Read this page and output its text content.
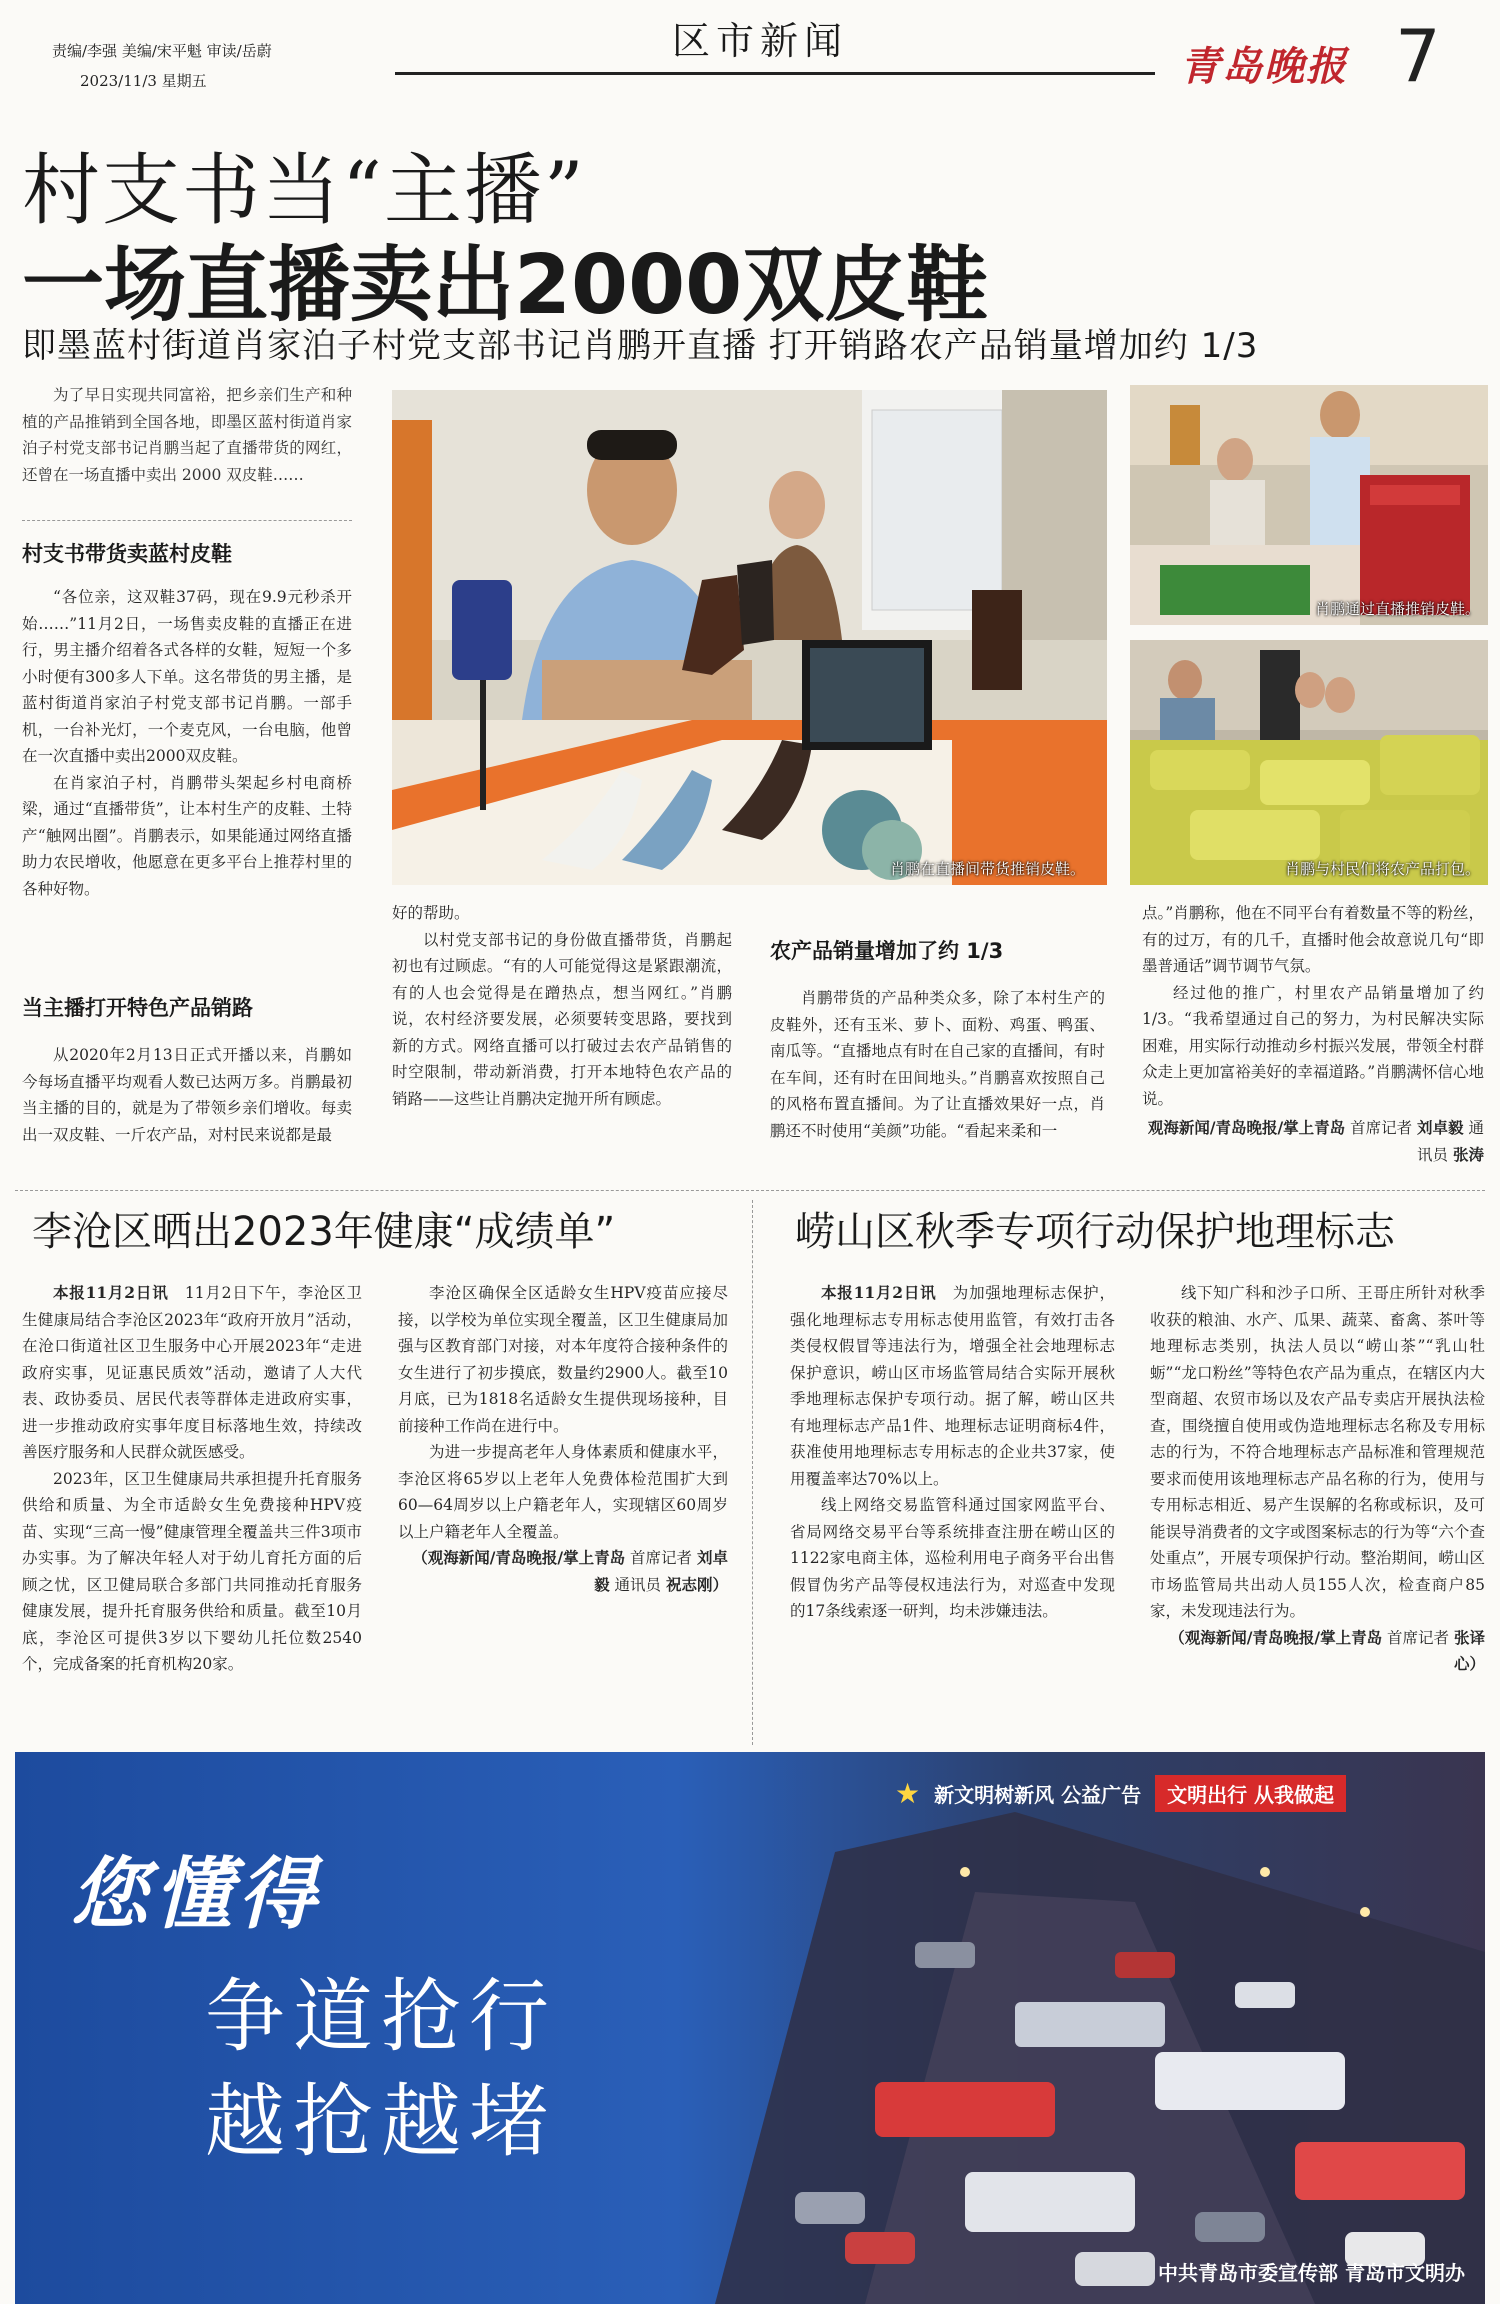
责编/李强 美编/宋平魁 审读/岳蔚
2023/11/3 星期五
区市新闻
青岛晚报 7
村支书当“主播”
一场直播卖出2000双皮鞋
即墨蓝村街道肖家泊子村党支部书记肖鹏开直播 打开销路农产品销量增加约 1/3
为了早日实现共同富裕，把乡亲们生产和种植的产品推销到全国各地，即墨区蓝村街道肖家泊子村党支部书记肖鹏当起了直播带货的网红，还曾在一场直播中卖出 2000 双皮鞋……
村支书带货卖蓝村皮鞋

“各位亲，这双鞋37码，现在9.9元秒杀开始……”11月2日，一场售卖皮鞋的直播正在进行，男主播介绍着各式各样的女鞋，短短一个多小时便有300多人下单。这名带货的男主播，是蓝村街道肖家泊子村党支部书记肖鹏。一部手机，一台补光灯，一个麦克风，一台电脑，他曾在一次直播中卖出2000双皮鞋。

在肖家泊子村，肖鹏带头架起乡村电商桥梁，通过“直播带货”，让本村生产的皮鞋、土特产“触网出圈”。肖鹏表示，如果能通过网络直播助力农民增收，他愿意在更多平台上推荐村里的各种好物。

当主播打开特色产品销路

从2020年2月13日正式开播以来，肖鹏如今每场直播平均观看人数已达两万多。肖鹏最初当主播的目的，就是为了带领乡亲们增收。每卖出一双皮鞋、一斤农产品，对村民来说都是最

肖鹏在直播间带货推销皮鞋。
肖鹏通过直播推销皮鞋。
肖鹏与村民们将农产品打包。

好的帮助。

以村党支部书记的身份做直播带货，肖鹏起初也有过顾虑。“有的人可能觉得这是紧跟潮流，有的人也会觉得是在蹭热点，想当网红。”肖鹏说，农村经济要发展，必须要转变思路，要找到新的方式。网络直播可以打破过去农产品销售的时空限制，带动新消费，打开本地特色农产品的销路——这些让肖鹏决定抛开所有顾虑。

农产品销量增加了约 1/3

肖鹏带货的产品种类众多，除了本村生产的皮鞋外，还有玉米、萝卜、面粉、鸡蛋、鸭蛋、南瓜等。“直播地点有时在自己家的直播间，有时在车间，还有时在田间地头。”肖鹏喜欢按照自己的风格布置直播间。为了让直播效果好一点，肖鹏还不时使用“美颜”功能。“看起来柔和一

点。”肖鹏称，他在不同平台有着数量不等的粉丝，有的过万，有的几千，直播时他会故意说几句“即墨普通话”调节调节气氛。

经过他的推广，村里农产品销量增加了约1/3。“我希望通过自己的努力，为村民解决实际困难，用实际行动推动乡村振兴发展，带领全村群众走上更加富裕美好的幸福道路。”肖鹏满怀信心地说。

观海新闻/青岛晚报/掌上青岛 首席记者 刘卓毅 通讯员 张涛
李沧区晒出2023年健康“成绩单”

本报11月2日讯　 11月2日下午，李沧区卫生健康局结合李沧区2023年“政府开放月”活动，在沧口街道社区卫生服务中心开展2023年“走进政府实事，见证惠民质效”活动，邀请了人大代表、政协委员、居民代表等群体走进政府实事，进一步推动政府实事年度目标落地生效，持续改善医疗服务和人民群众就医感受。

2023年，区卫生健康局共承担提升托育服务供给和质量、为全市适龄女生免费接种HPV疫苗、实现“三高一慢”健康管理全覆盖共三件3项市办实事。为了解决年轻人对于幼儿育托方面的后顾之忧，区卫健局联合多部门共同推动托育服务健康发展，提升托育服务供给和质量。截至10月底，李沧区可提供3岁以下婴幼儿托位数2540个，完成备案的托育机构20家。

李沧区确保全区适龄女生HPV疫苗应接尽接，以学校为单位实现全覆盖，区卫生健康局加强与区教育部门对接，对本年度符合接种条件的女生进行了初步摸底，数量约2900人。截至10月底，已为1818名适龄女生提供现场接种，目前接种工作尚在进行中。

为进一步提高老年人身体素质和健康水平，李沧区将65岁以上老年人免费体检范围扩大到60—64周岁以上户籍老年人，实现辖区60周岁以上户籍老年人全覆盖。

（观海新闻/青岛晚报/掌上青岛 首席记者 刘卓毅 通讯员 祝志刚）

崂山区秋季专项行动保护地理标志

本报11月2日讯　 为加强地理标志保护，强化地理标志专用标志使用监管，有效打击各类侵权假冒等违法行为，增强全社会地理标志保护意识，崂山区市场监管局结合实际开展秋季地理标志保护专项行动。据了解，崂山区共有地理标志产品1件、地理标志证明商标4件，获准使用地理标志专用标志的企业共37家，使用覆盖率达70%以上。

线上网络交易监管科通过国家网监平台、省局网络交易平台等系统排查注册在崂山区的1122家电商主体，巡检利用电子商务平台出售假冒伪劣产品等侵权违法行为，对巡查中发现的17条线索逐一研判，均未涉嫌违法。

线下知广科和沙子口所、王哥庄所针对秋季收获的粮油、水产、瓜果、蔬菜、畜禽、茶叶等地理标志类别，执法人员以“崂山茶”“乳山牡蛎”“龙口粉丝”等特色农产品为重点，在辖区内大型商超、农贸市场以及农产品专卖店开展执法检查，围绕擅自使用或伪造地理标志名称及专用标志的行为，不符合地理标志产品标准和管理规范要求而使用该地理标志产品名称的行为，使用与专用标志相近、易产生误解的名称或标识，及可能误导消费者的文字或图案标志的行为等“六个查处重点”，开展专项保护行动。整治期间，崂山区市场监管局共出动人员155人次，检查商户85家，未发现违法行为。

（观海新闻/青岛晚报/掌上青岛 首席记者 张译心）

您懂得
争道抢行
越抢越堵
★ 新文明树新风 公益广告	文明出行 从我做起
中共青岛市委宣传部 青岛市文明办
